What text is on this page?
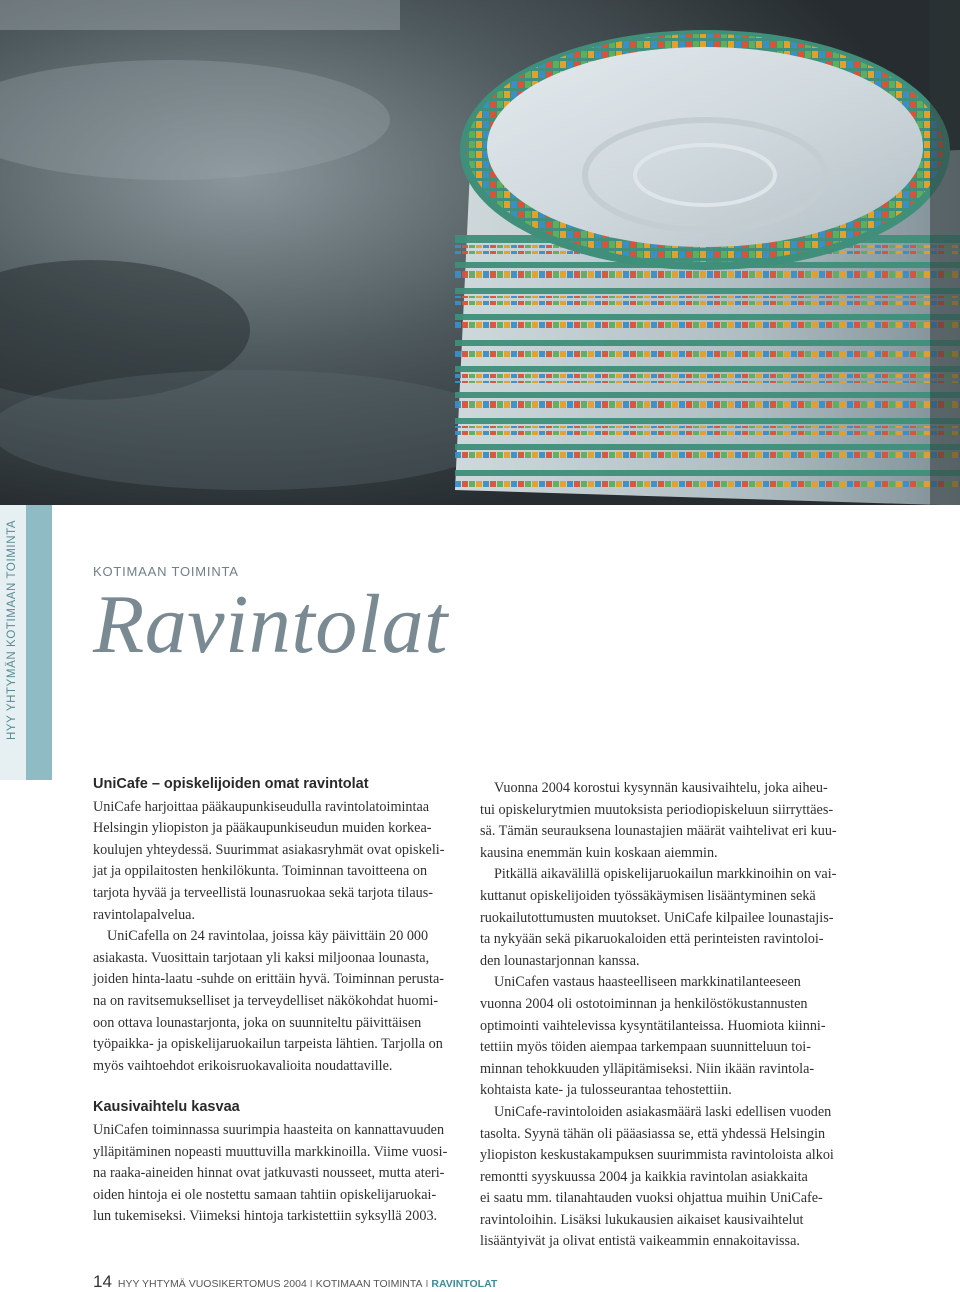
HYY YHTYMÄN KOTIMAAN TOIMINTA	KOTIMAAN TOIMINTA
Ravintolat
UniCafe – opiskelijoiden omat ravintolat

UniCafe harjoittaa pääkaupunkiseudulla ravintolatoimintaa
Helsingin yliopiston ja pääkaupunkiseudun muiden korkea-
koulujen yhteydessä. Suurimmat asiakasryhmät ovat opiskeli-
jat ja oppilaitosten henkilökunta. Toiminnan tavoitteena on
tarjota hyvää ja terveellistä lounasruokaa sekä tarjota tilaus-
ravintolapalvelua.

UniCafella on 24 ravintolaa, joissa käy päivittäin 20 000
asiakasta. Vuosittain tarjotaan yli kaksi miljoonaa lounasta,
joiden hinta-laatu -suhde on erittäin hyvä. Toiminnan perusta-
na on ravitsemukselliset ja terveydelliset näkökohdat huomi-
oon ottava lounastarjonta, joka on suunniteltu päivittäisen
työpaikka- ja opiskelijaruokailun tarpeista lähtien. Tarjolla on
myös vaihtoehdot erikoisruokavalioita noudattaville.

Kausivaihtelu kasvaa

UniCafen toiminnassa suurimpia haasteita on kannattavuuden
ylläpitäminen nopeasti muuttuvilla markkinoilla. Viime vuosi-
na raaka-aineiden hinnat ovat jatkuvasti nousseet, mutta ateri-
oiden hintoja ei ole nostettu samaan tahtiin opiskelijaruokai-
lun tukemiseksi. Viimeksi hintoja tarkistettiin syksyllä 2003.

Vuonna 2004 korostui kysynnän kausivaihtelu, joka aiheu-
tui opiskelurytmien muutoksista periodiopiskeluun siirryttäes-
sä. Tämän seurauksena lounastajien määrät vaihtelivat eri kuu-
kausina enemmän kuin koskaan aiemmin.

Pitkällä aikavälillä opiskelijaruokailun markkinoihin on vai-
kuttanut opiskelijoiden työssäkäymisen lisääntyminen sekä
ruokailutottumusten muutokset. UniCafe kilpailee lounastajis-
ta nykyään sekä pikaruokaloiden että perinteisten ravintoloi-
den lounastarjonnan kanssa.

UniCafen vastaus haasteelliseen markkinatilanteeseen
vuonna 2004 oli ostotoiminnan ja henkilöstökustannusten
optimointi vaihtelevissa kysyntätilanteissa. Huomiota kiinni-
tettiin myös töiden aiempaa tarkempaan suunnitteluun toi-
minnan tehokkuuden ylläpitämiseksi. Niin ikään ravintola-
kohtaista kate- ja tulosseurantaa tehostettiin.

UniCafe-ravintoloiden asiakasmäärä laski edellisen vuoden
tasolta. Syynä tähän oli pääasiassa se, että yhdessä Helsingin
yliopiston keskustakampuksen suurimmista ravintoloista alkoi
remontti syyskuussa 2004 ja kaikkia ravintolan asiakkaita
ei saatu mm. tilanahtauden vuoksi ohjattua muihin UniCafe-
ravintoloihin. Lisäksi lukukausien aikaiset kausivaihtelut
lisääntyivät ja olivat entistä vaikeammin ennakoitavissa.

14 HYY YHTYMÄ VUOSIKERTOMUS 2004 I KOTIMAAN TOIMINTA I RAVINTOLAT
